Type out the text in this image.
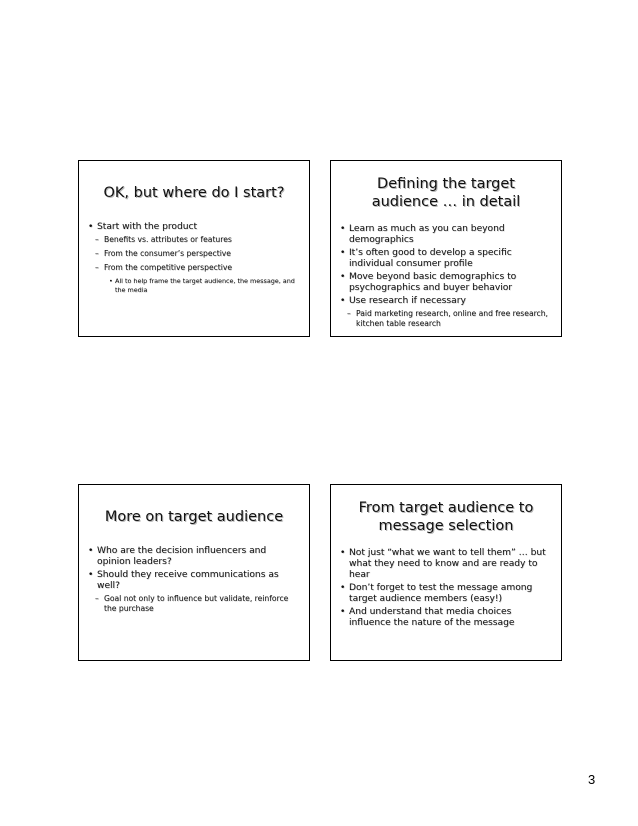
OK, but where do I start?
• Start with the product
– Benefits vs. attributes or features
– From the consumer’s perspective
– From the competitive perspective
• All to help frame the target audience, the message, and the media
Defining the target
audience … in detail
• Learn as much as you can beyond demographics
• It’s often good to develop a specific individual consumer profile
• Move beyond basic demographics to psychographics and buyer behavior
• Use research if necessary
– Paid marketing research, online and free research, kitchen table research
More on target audience
• Who are the decision influencers and opinion leaders?
• Should they receive communications as well?
– Goal not only to influence but validate, reinforce the purchase
From target audience to
message selection
• Not just “what we want to tell them” … but what they need to know and are ready to hear
• Don’t forget to test the message among target audience members (easy!)
• And understand that media choices influence the nature of the message
3
